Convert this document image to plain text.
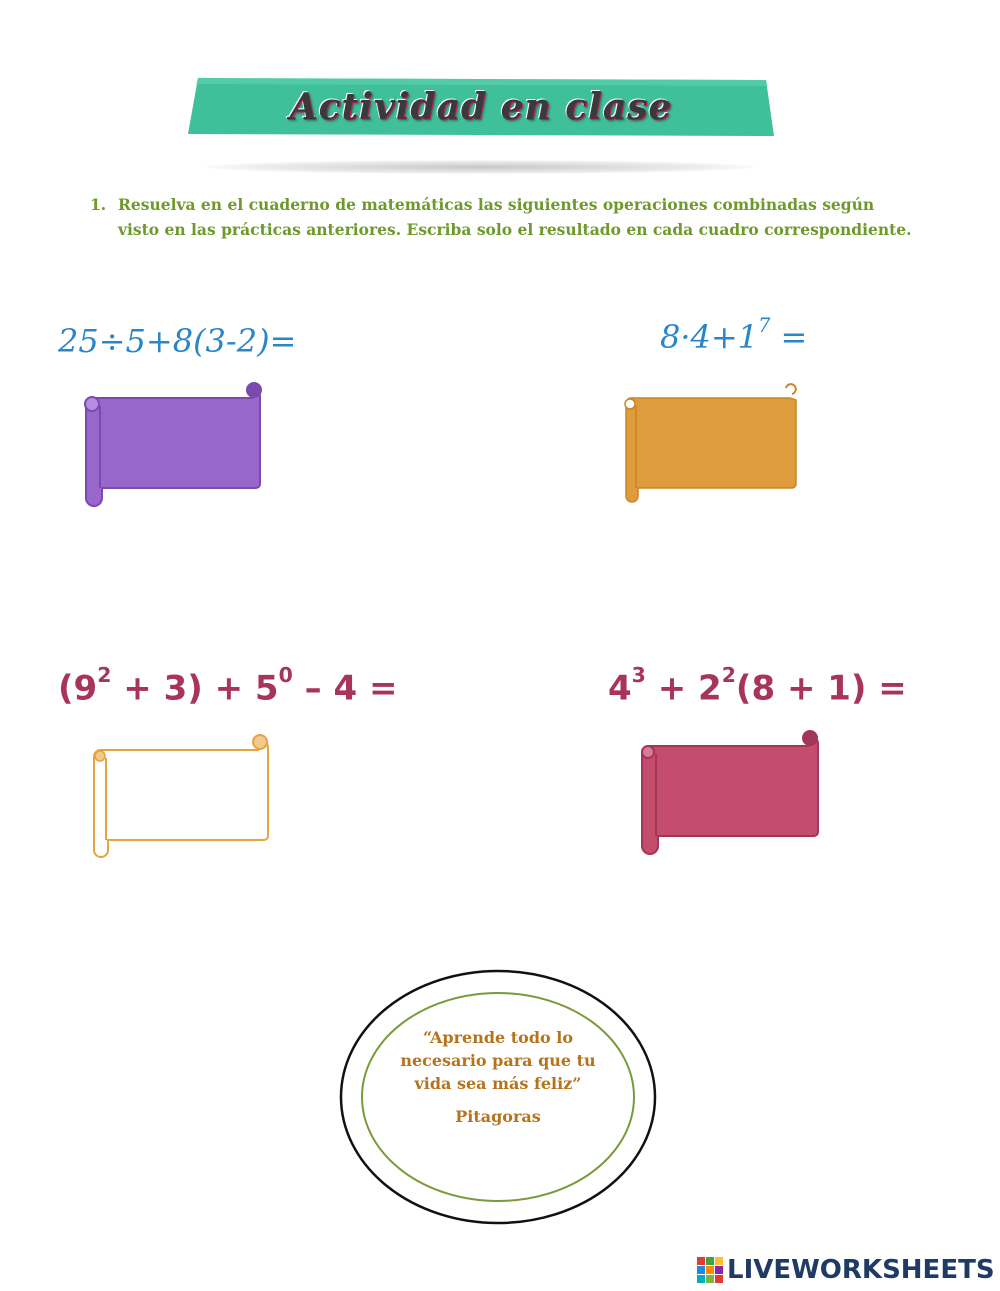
Actividad en clase
1. Resuelva en el cuaderno de matemáticas las siguientes operaciones combinadas según visto en las prácticas anteriores. Escriba solo el resultado en cada cuadro correspondiente.
25÷5+8(3-2)=	$8\cdot 4+1^7$ =
$(9^2 + 3) + 5^0 - 4$ =	$4^3 + 2^2(8 + 1)$ =
“Aprende todo lo necesario para que tu vida sea más feliz”
Pitagoras
LIVEWORKSHEETS
